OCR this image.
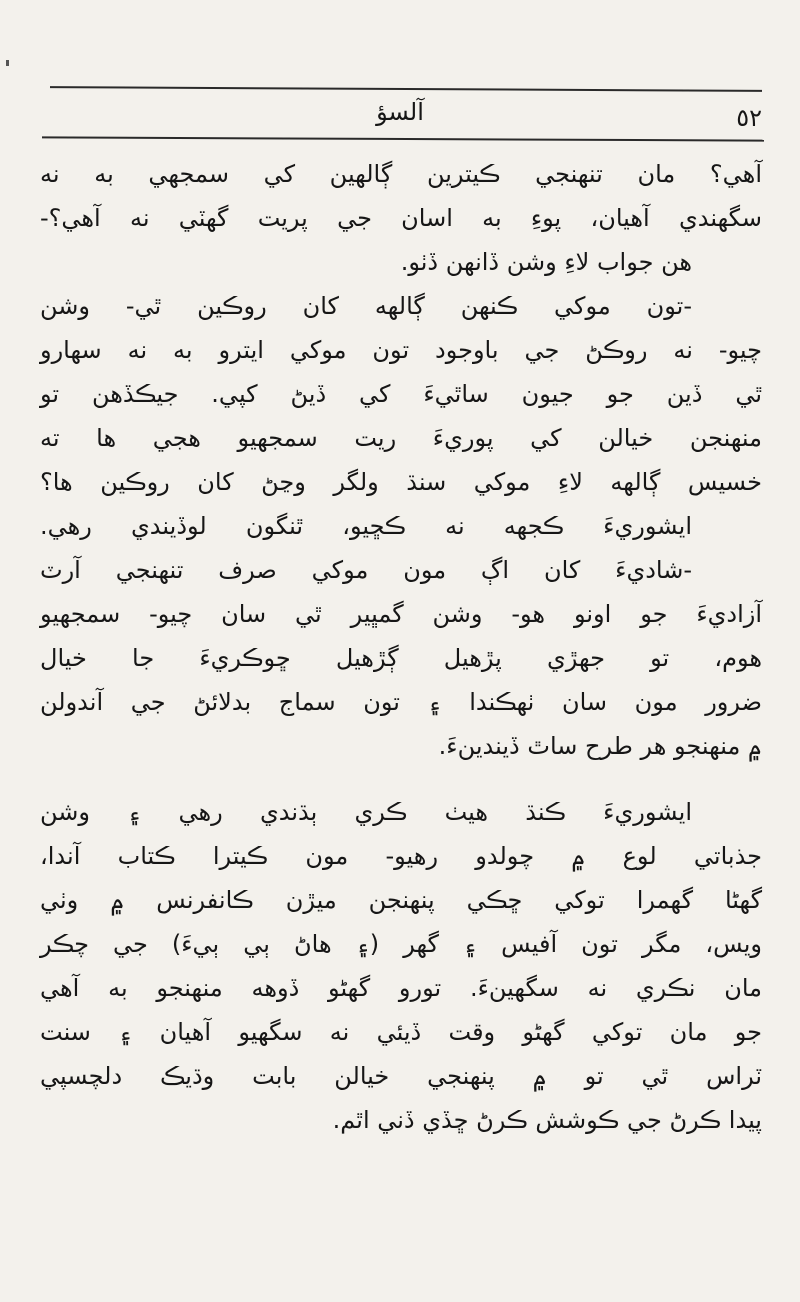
آلسؤ	٥٢
آهي؟ مان تنهنجي ڪيترين ڳالهين کي سمجهي به نه
سگهندي آهيان، پوءِ به اسان جي پريت گهٽي نه آهي؟-
هن جواب لاءِ وشن ڏانهن ڏٺو.
-تون موکي ڪنهن ڳالهه کان روڪين ٿي- وشن
چيو- نه روڪڻ جي باوجود تون موکي ايترو به نه سهارو
ٿي ڏين جو جيون ساٿيءَ کي ڏيڻ کپي. جيڪڏهن تو
منهنجن خيالن کي پوريءَ ريت سمجهيو هجي ها ته
خسيس ڳالهه لاءِ موکي سنڌ ولگر وڃڻ کان روڪين ها؟
ايشوريءَ ڪجهه نه ڪڇيو، ٿنگون لوڏيندي رهي.
-شاديءَ کان اڳ مون موکي صرف تنهنجي آرٽ
آزاديءَ جو اونو هو- وشن گمڀير ٿي سان چيو- سمجهيو
هوم، تو جهڙي پڙهيل ڳڙهيل ڇوڪريءَ جا خيال
ضرور مون سان ٺهڪندا ۽ تون سماج بدلائڻ جي آندولن
۾ منهنجو هر طرح ساٿ ڏيندينءَ.
ايشوريءَ ڪنڌ هيٺ ڪري ٻڌندي رهي ۽ وشن
جذباتي لوع ۾ چولدو رهيو- مون ڪيترا ڪتاب آندا،
گهڻا گهمرا توکي ڇڪي پنهنجن ميڙن ڪانفرنس ۾ وٺي
ويس، مگر تون آفيس ۽ گهر (۽ هاڻ ٻي ٻيءَ) جي چڪر
مان نڪري نه سگهينءَ. تورو گهڻو ڏوهه منهنجو به آهي
جو مان توکي گهڻو وقت ڏيئي نه سگهيو آهيان ۽ سنت
ٽراس ٿي تو ۾ پنهنجي خيالن بابت وڌيڪ دلچسپي
پيدا ڪرڻ جي ڪوشش ڪرڻ ڇڏي ڏني اٿم.
